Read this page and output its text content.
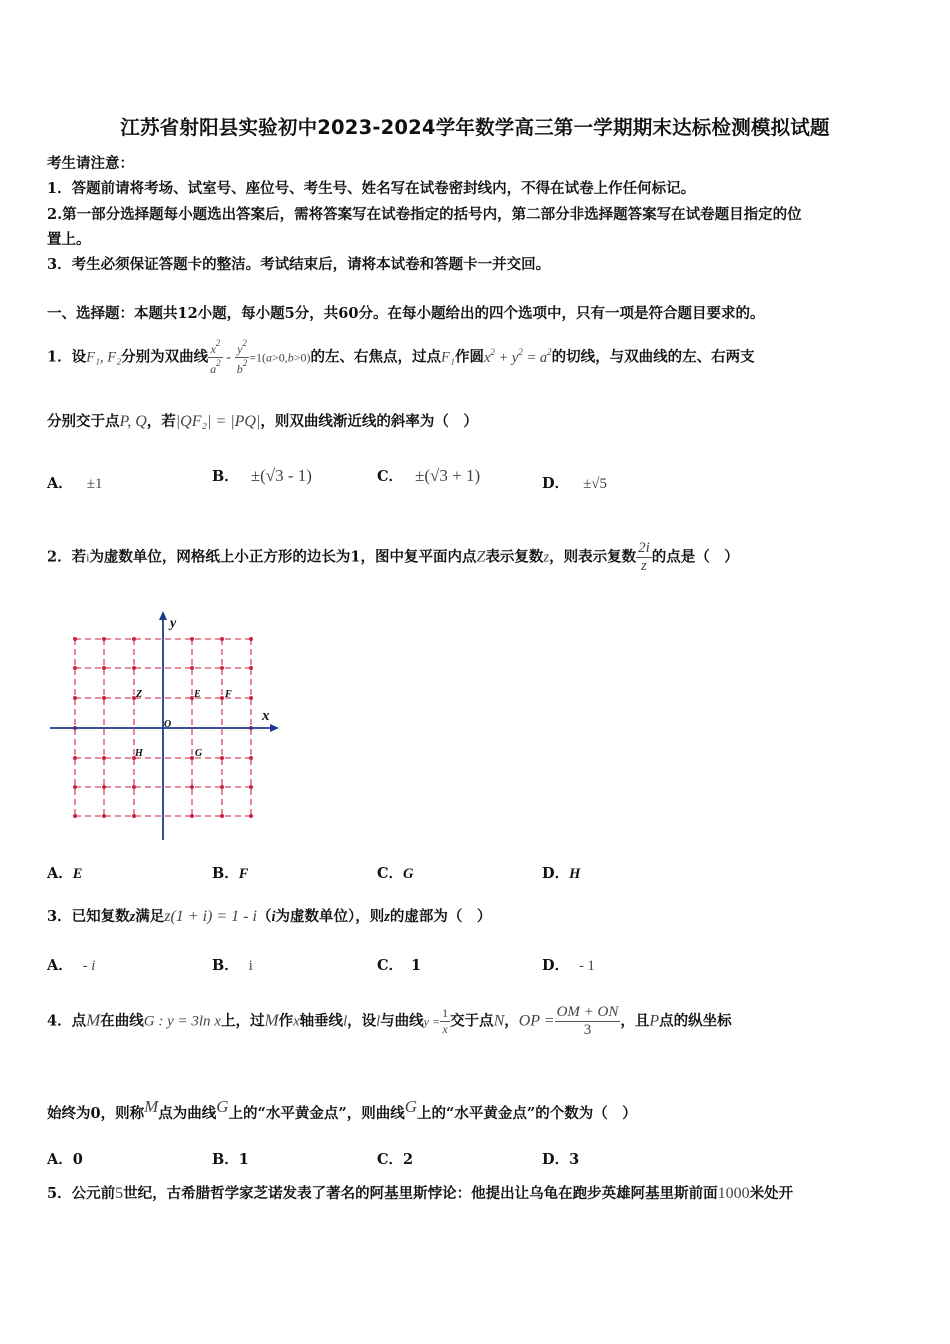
江苏省射阳县实验初中2023-2024学年数学高三第一学期期末达标检测模拟试题
考生请注意：
1．答题前请将考场、试室号、座位号、考生号、姓名写在试卷密封线内，不得在试卷上作任何标记。
2.第一部分选择题每小题选出答案后，需将答案写在试卷指定的括号内，第二部分非选择题答案写在试卷题目指定的位
置上。
3．考生必须保证答题卡的整洁。考试结束后，请将本试卷和答题卡一并交回。
一、选择题：本题共12小题，每小题5分，共60分。在每小题给出的四个选项中，只有一项是符合题目要求的。
1．设F₁, F₂分别为双曲线 $\frac{x^2}{a^2} - \frac{y^2}{b^2} =1(a>0,b>0)$的左、右焦点，过点F₁作圆$x^2 + y^2 = a^2$的切线，与双曲线的左、右两支
分别交于点P, Q，若|QF₂| = |PQ|，则双曲线渐近线的斜率为（　）
A． ±1	B． ±(√3 - 1)	C． ±(√3 + 1)	D． ±√5
2．若i为虚数单位，网格纸上小正方形的边长为1，图中复平面内点Z表示复数z，则表示复数 $\frac{2i}{z}$ 的点是（　）
y
x
O
Z	E F
H	G
A．E	B．F	C．G	D．H
3．已知复数z满足z(1 + i) = 1 - i（i为虚数单位），则z的虚部为（　）
A． - i	B． i	C． 1	D． - 1
4．点M在曲线G : y = 3ln x上，过M作x轴垂线l，设l与曲线$y = \frac{1}{x}$ 交于点N，OP = $\frac{OM + ON}{3}$ ，且P点的纵坐标
始终为0，则称M点为曲线G上的“水平黄金点”，则曲线G上的“水平黄金点”的个数为（　）
A．0	B．1	C．2	D．3
5．公元前5世纪，古希腊哲学家芝诺发表了著名的阿基里斯悖论：他提出让乌龟在跑步英雄阿基里斯前面1000米处开
